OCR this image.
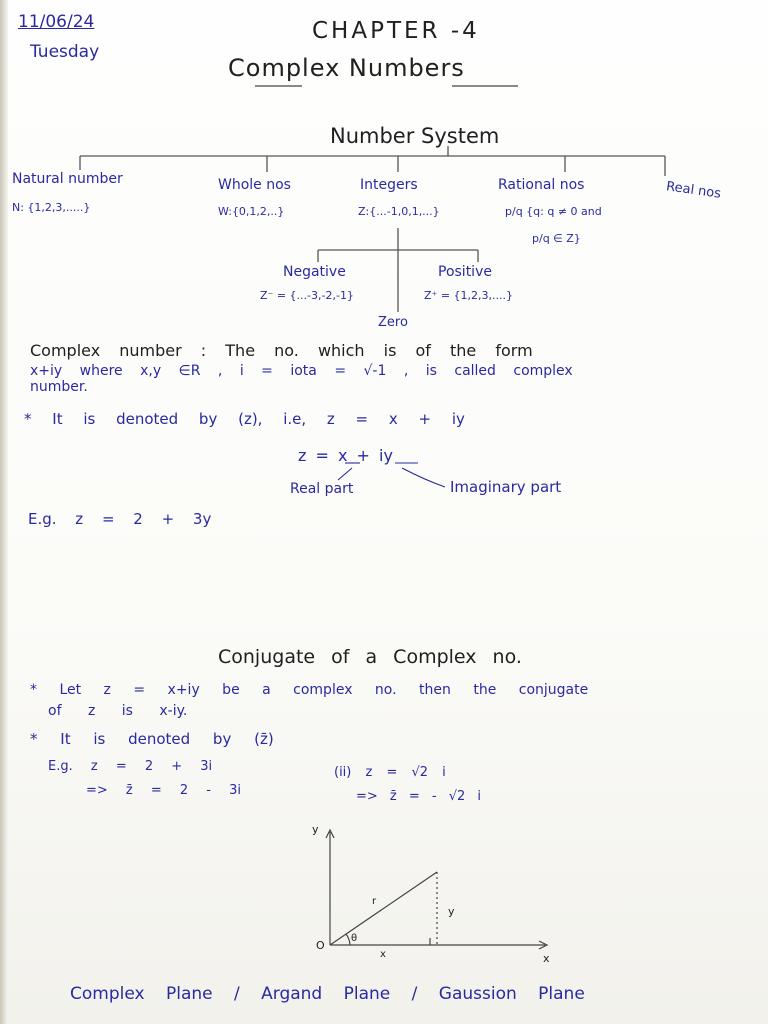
11/06/24
Tuesday
CHAPTER -4
Complex Numbers
Number System
Natural number
N: {1,2,3,.....}
Whole nos
W:{0,1,2,..}
Integers
Z:{...-1,0,1,...}
Rational nos
p/q {q: q ≠ 0 and
p/q ∈ Z}
Real nos
Negative
Z⁻ = {...-3,-2,-1}
Positive
Z⁺ = {1,2,3,....}
Zero
Complex number : The no. which is of the form
x+iy where x,y ∈R , i = iota = √-1 , is called complex
number.
* It is denoted by (z), i.e, z = x + iy
z = x + iy
Real part	Imaginary part
E.g. z = 2 + 3y
Conjugate of a Complex no.
* Let z = x+iy be a complex no. then the conjugate
of z is x-iy.
* It is denoted by (z̄)
E.g. z = 2 + 3i
=> z̄ = 2 - 3i
(ii) z = √2 i
=> z̄ = - √2 i
y
x
O
θ
r
x
y
Complex Plane / Argand Plane / Gaussion Plane
